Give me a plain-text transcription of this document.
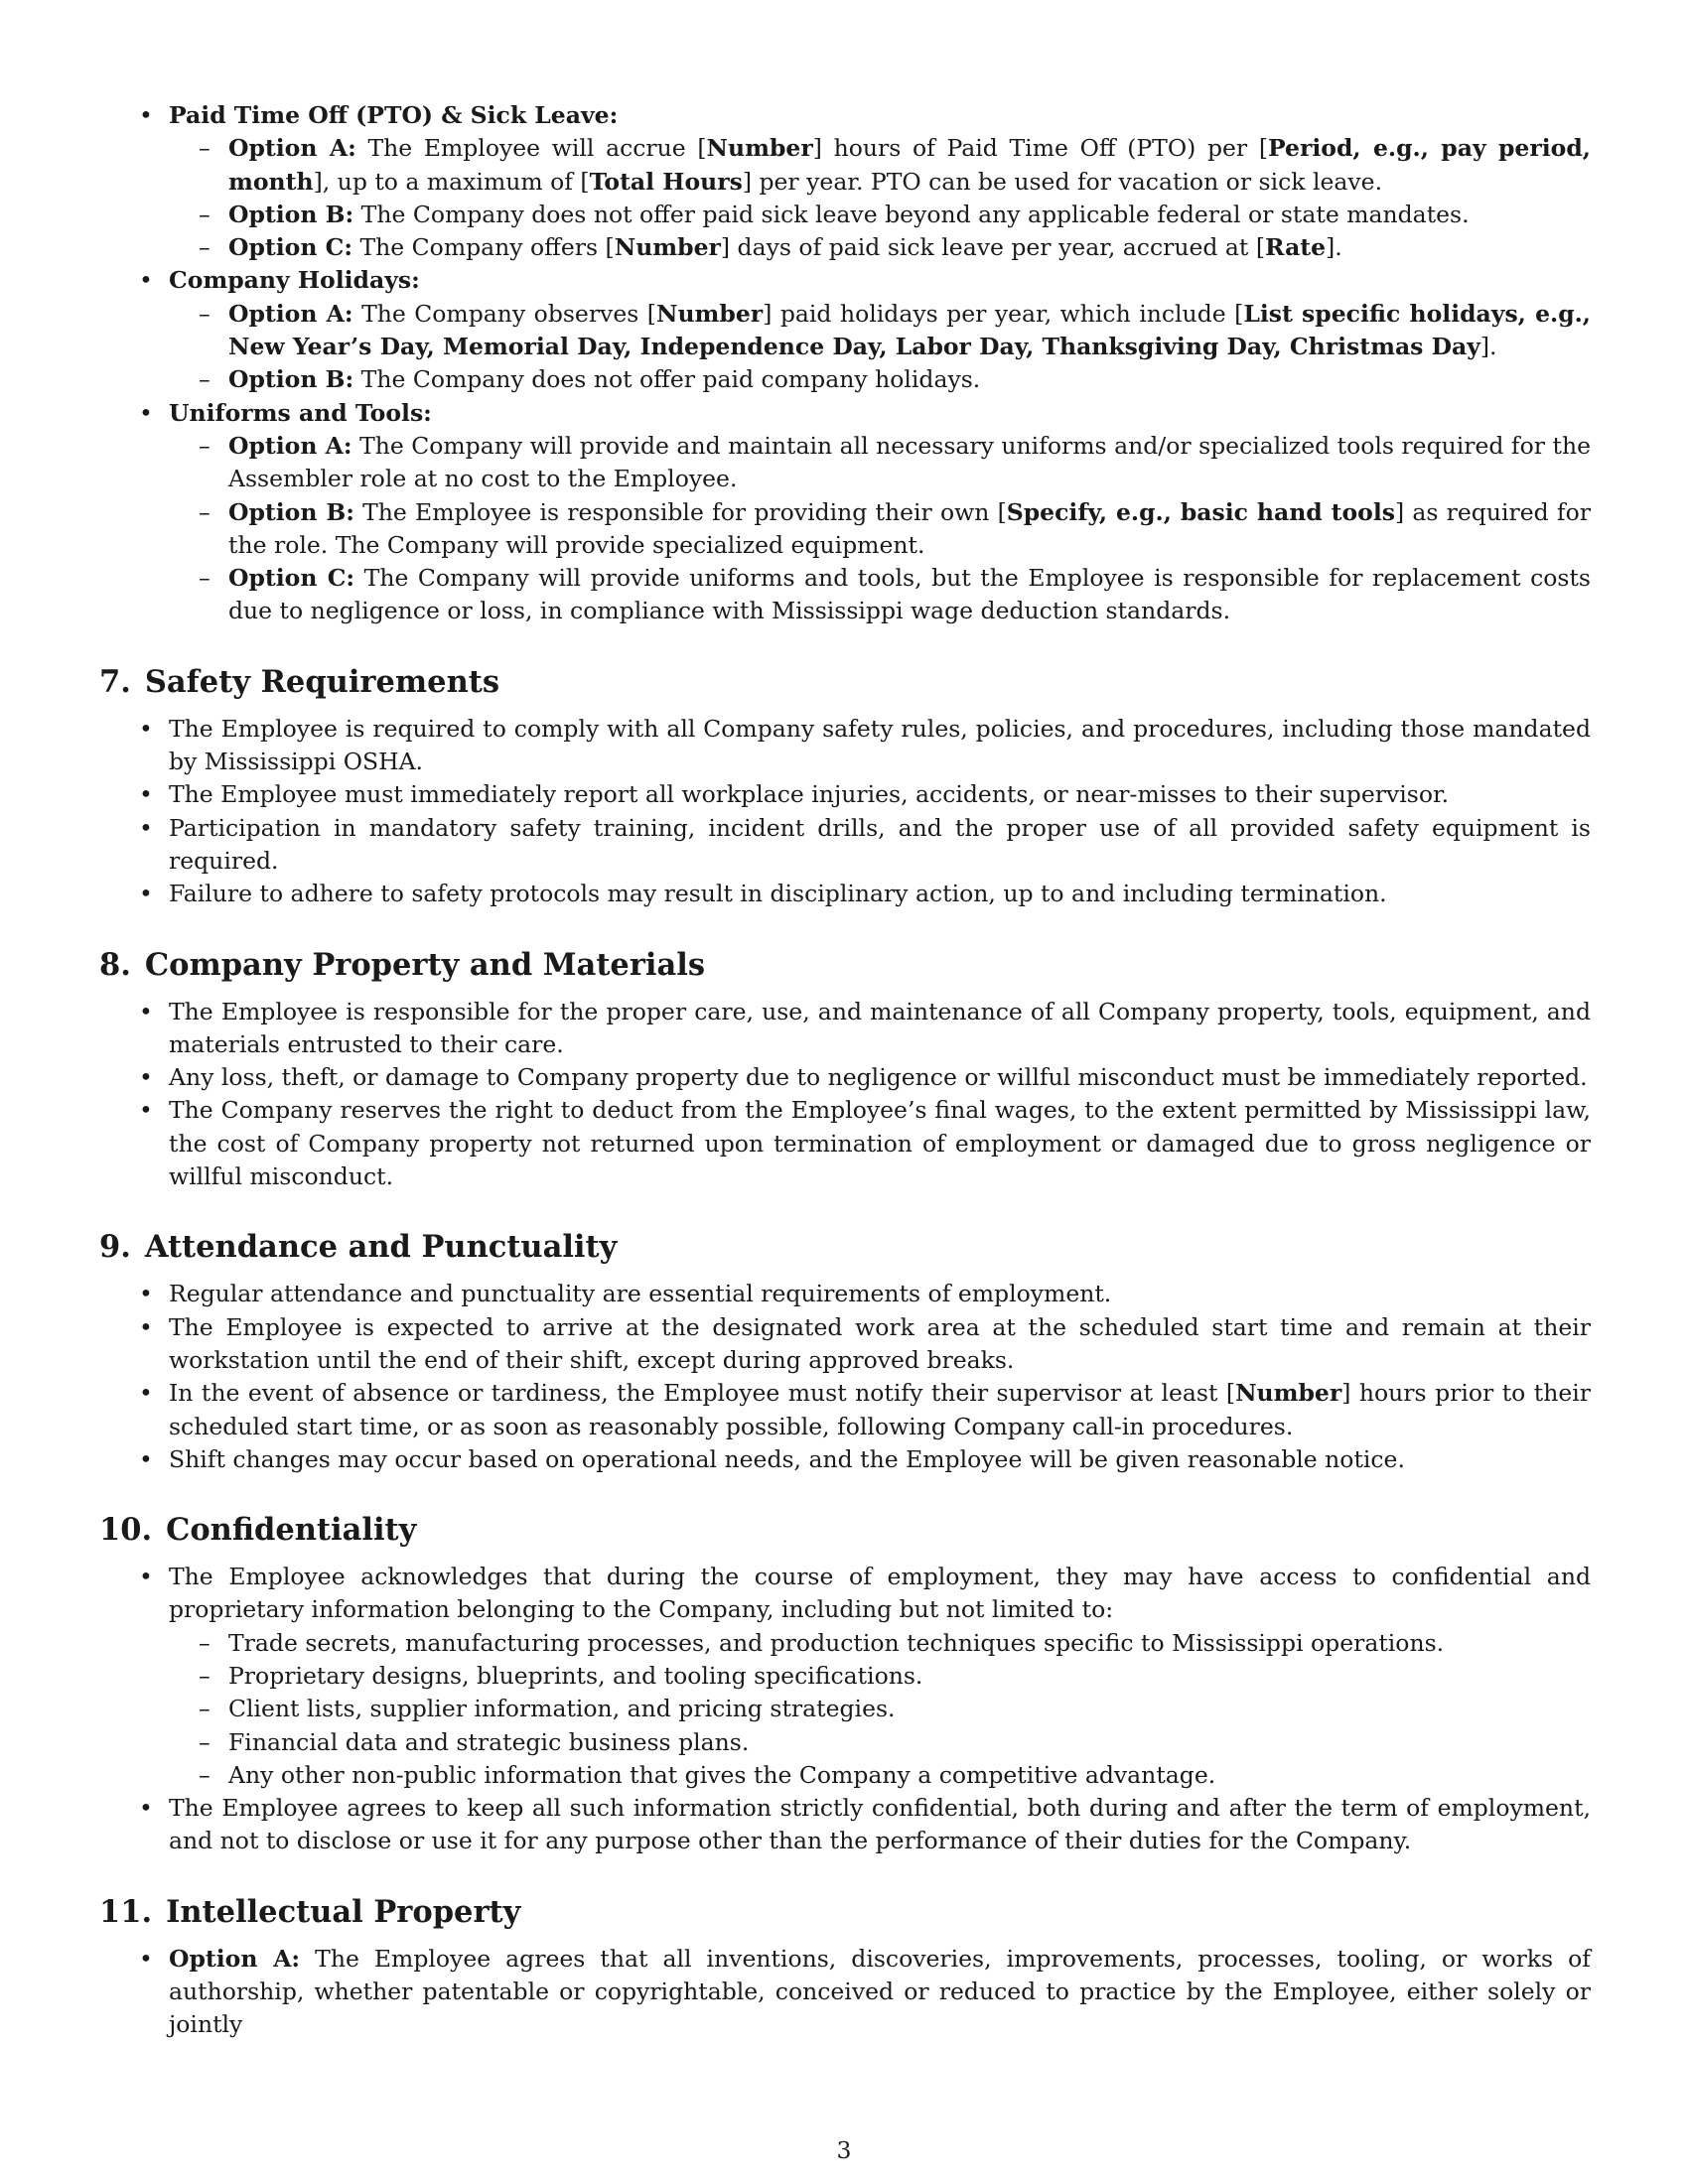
• Paid Time Off (PTO) & Sick Leave:
– Option A: The Employee will accrue [Number] hours of Paid Time Off (PTO) per [Period, e.g., pay period, month], up to a maximum of [Total Hours] per year. PTO can be used for vacation or sick leave.
– Option B: The Company does not offer paid sick leave beyond any applicable federal or state mandates.
– Option C: The Company offers [Number] days of paid sick leave per year, accrued at [Rate].
• Company Holidays:
– Option A: The Company observes [Number] paid holidays per year, which include [List specific holidays, e.g., New Year’s Day, Memorial Day, Independence Day, Labor Day, Thanksgiving Day, Christmas Day].
– Option B: The Company does not offer paid company holidays.
• Uniforms and Tools:
– Option A: The Company will provide and maintain all necessary uniforms and/or specialized tools required for the Assembler role at no cost to the Employee.
– Option B: The Employee is responsible for providing their own [Specify, e.g., basic hand tools] as required for the role. The Company will provide specialized equipment.
– Option C: The Company will provide uniforms and tools, but the Employee is responsible for replacement costs due to negligence or loss, in compliance with Mississippi wage deduction standards.
7. Safety Requirements
• The Employee is required to comply with all Company safety rules, policies, and procedures, including those mandated by Mississippi OSHA.
• The Employee must immediately report all workplace injuries, accidents, or near-misses to their supervisor.
• Participation in mandatory safety training, incident drills, and the proper use of all provided safety equipment is required.
• Failure to adhere to safety protocols may result in disciplinary action, up to and including termination.
8. Company Property and Materials
• The Employee is responsible for the proper care, use, and maintenance of all Company property, tools, equipment, and materials entrusted to their care.
• Any loss, theft, or damage to Company property due to negligence or willful misconduct must be immediately reported.
• The Company reserves the right to deduct from the Employee’s final wages, to the extent permitted by Mississippi law, the cost of Company property not returned upon termination of employment or damaged due to gross negligence or willful misconduct.
9. Attendance and Punctuality
• Regular attendance and punctuality are essential requirements of employment.
• The Employee is expected to arrive at the designated work area at the scheduled start time and remain at their workstation until the end of their shift, except during approved breaks.
• In the event of absence or tardiness, the Employee must notify their supervisor at least [Number] hours prior to their scheduled start time, or as soon as reasonably possible, following Company call-in procedures.
• Shift changes may occur based on operational needs, and the Employee will be given reasonable notice.
10. Confidentiality
• The Employee acknowledges that during the course of employment, they may have access to confidential and proprietary information belonging to the Company, including but not limited to:
– Trade secrets, manufacturing processes, and production techniques specific to Mississippi operations.
– Proprietary designs, blueprints, and tooling specifications.
– Client lists, supplier information, and pricing strategies.
– Financial data and strategic business plans.
– Any other non-public information that gives the Company a competitive advantage.
• The Employee agrees to keep all such information strictly confidential, both during and after the term of employment, and not to disclose or use it for any purpose other than the performance of their duties for the Company.
11. Intellectual Property
• Option A: The Employee agrees that all inventions, discoveries, improvements, processes, tooling, or works of authorship, whether patentable or copyrightable, conceived or reduced to practice by the Employee, either solely or jointly
3
